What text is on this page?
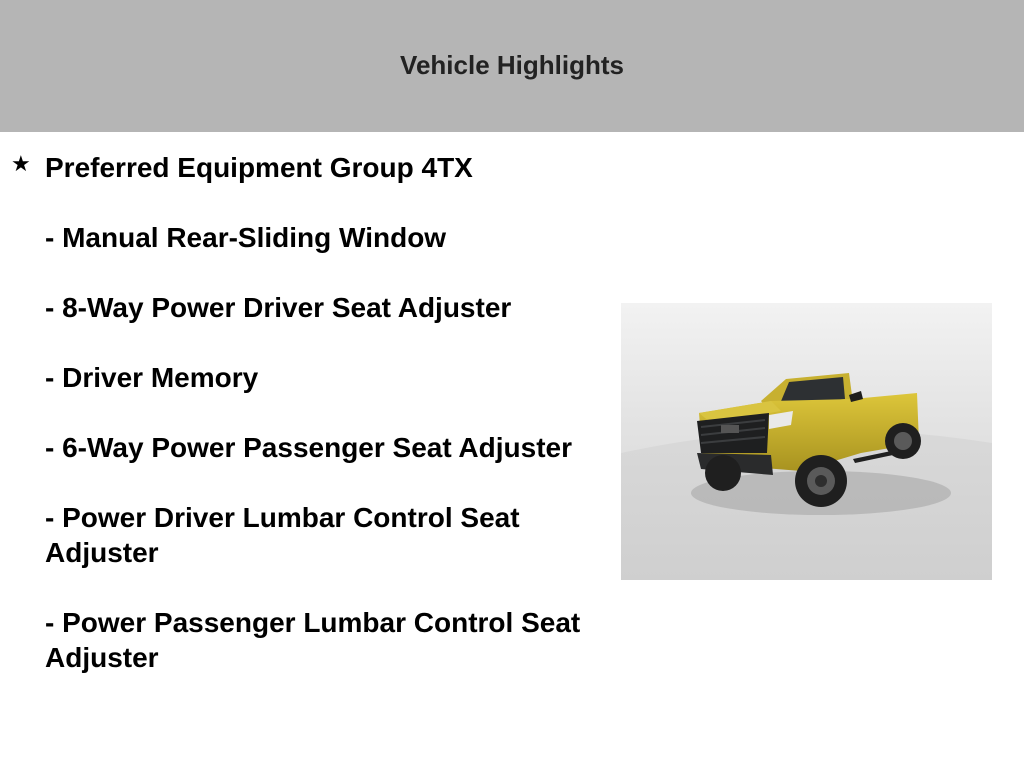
Vehicle Highlights
★ Preferred Equipment Group 4TX
- Manual Rear-Sliding Window
- 8-Way Power Driver Seat Adjuster
- Driver Memory
- 6-Way Power Passenger Seat Adjuster
- Power Driver Lumbar Control Seat Adjuster
- Power Passenger Lumbar Control Seat Adjuster
